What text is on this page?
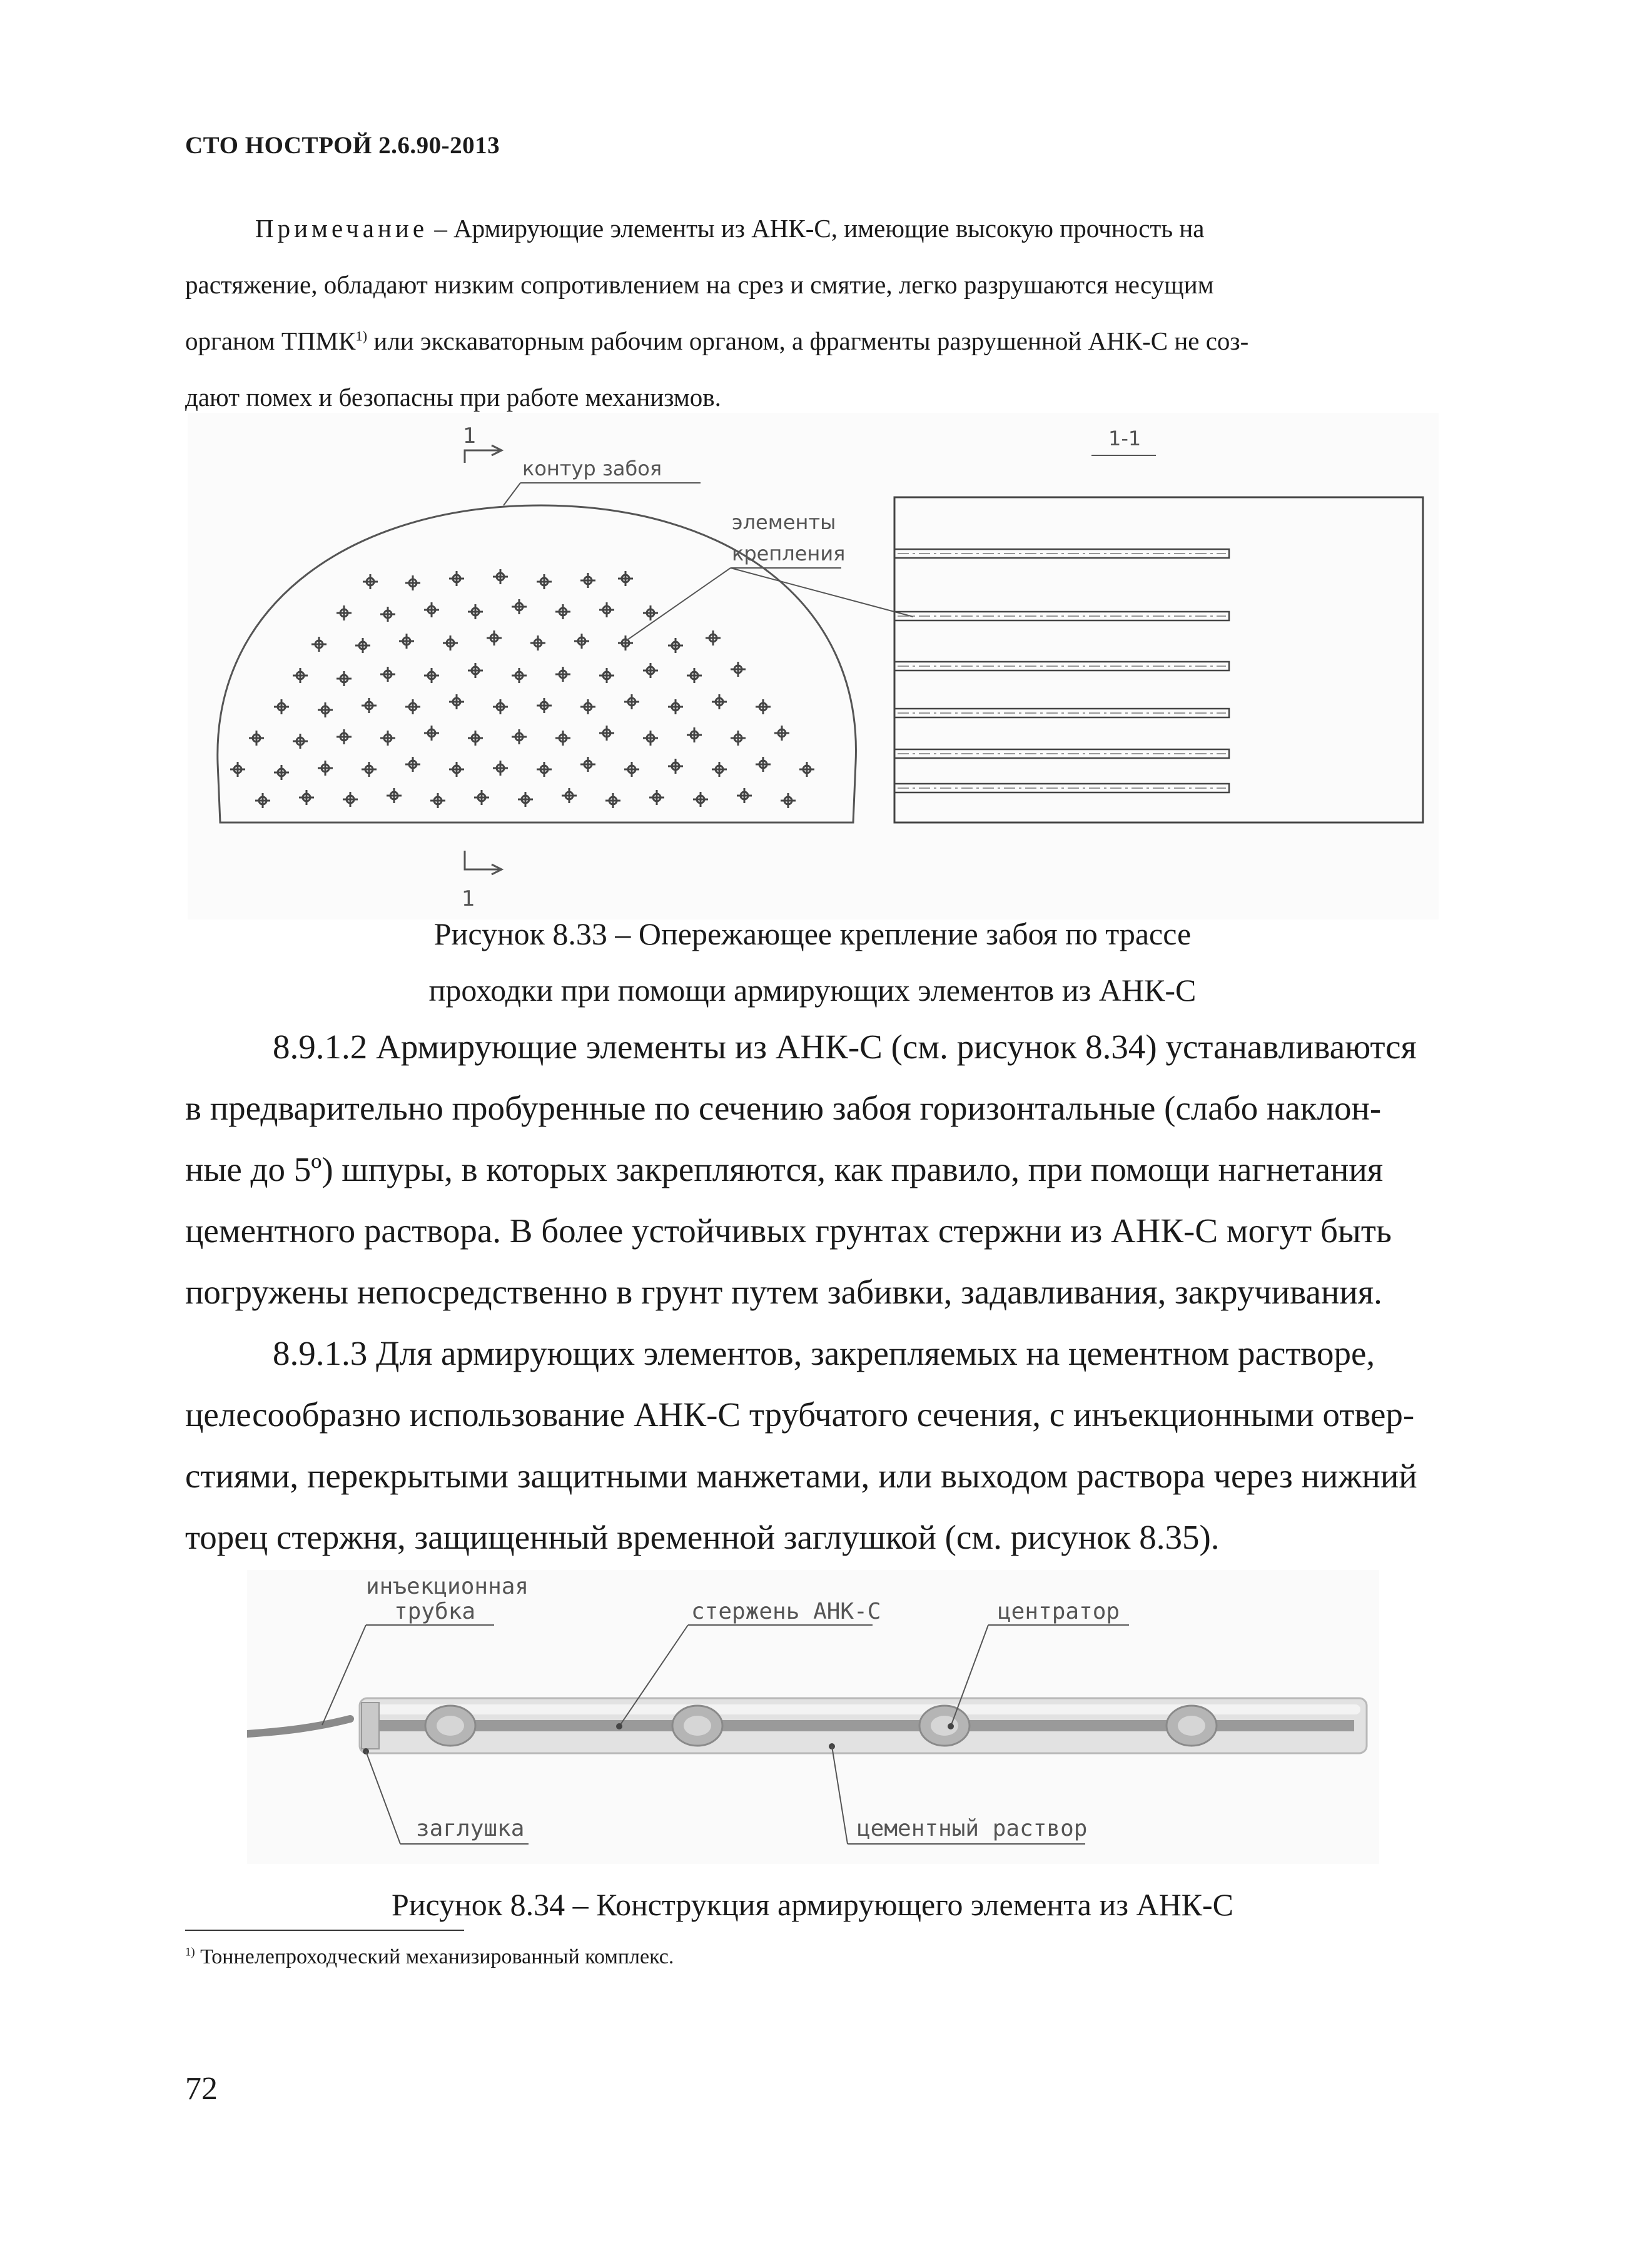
СТО НОСТРОЙ 2.6.90-2013
Примечание – Армирующие элементы из АНК-С, имеющие высокую прочность на
растяжение, обладают низким сопротивлением на срез и смятие, легко разрушаются несущим
органом ТПМК$^{1)}$ или экскаваторным рабочим органом, а фрагменты разрушенной АНК-С не соз-
дают помех и безопасны при работе механизмов.
1
1
контур забоя
элементы
крепления
1-1
Рисунок 8.33 – Опережающее крепление забоя по трассе
проходки при помощи армирующих элементов из АНК-С
8.9.1.2 Армирующие элементы из АНК-С (см. рисунок 8.34) устанавливаются
в предварительно пробуренные по сечению забоя горизонтальные (слабо наклон-
ные до 5º) шпуры, в которых закрепляются, как правило, при помощи нагнетания
цементного раствора. В более устойчивых грунтах стержни из АНК-С могут быть
погружены непосредственно в грунт путем забивки, задавливания, закручивания.
8.9.1.3 Для армирующих элементов, закрепляемых на цементном растворе,
целесообразно использование АНК-С трубчатого сечения, с инъекционными отвер-
стиями, перекрытыми защитными манжетами, или выходом раствора через нижний
торец стержня, защищенный временной заглушкой (см. рисунок 8.35).
инъекционная
трубка	стержень АНК-С	центратор
заглушка	цементный раствор
Рисунок 8.34 – Конструкция армирующего элемента из АНК-С
$^{1)}$ Тоннелепроходческий механизированный комплекс.
72
